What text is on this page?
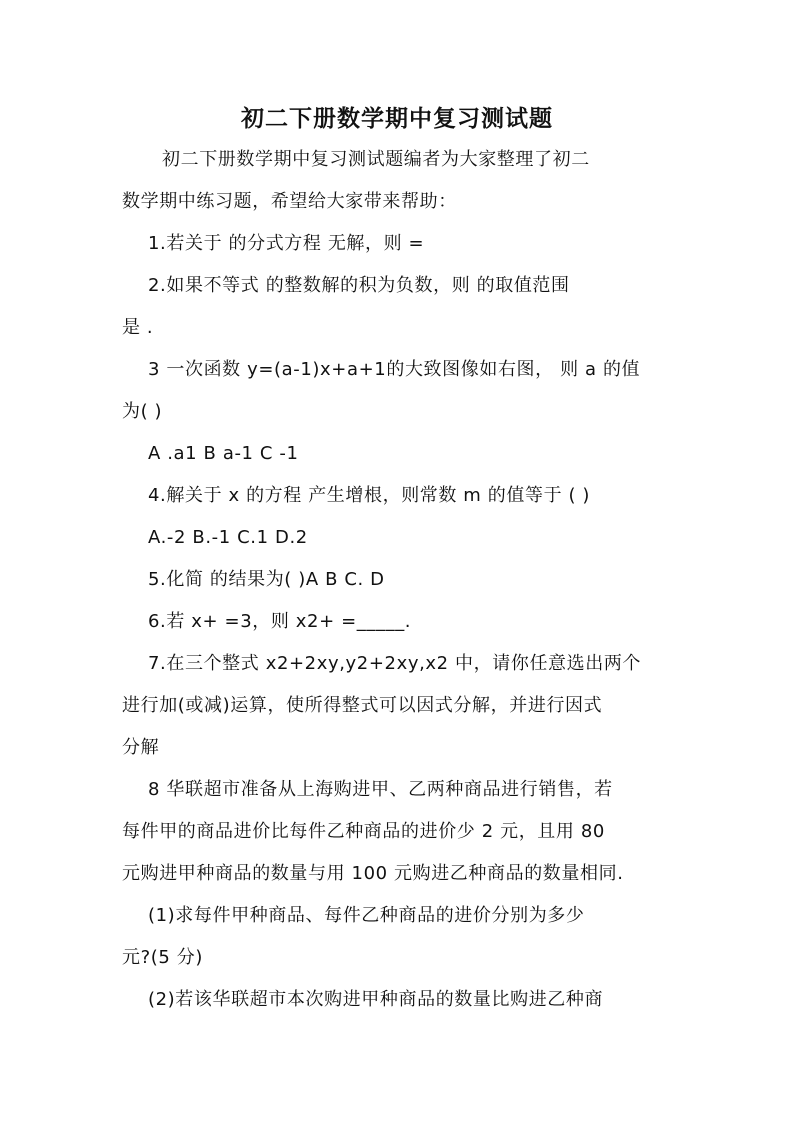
初二下册数学期中复习测试题
初二下册数学期中复习测试题编者为大家整理了初二
数学期中练习题，希望给大家带来帮助：
1.若关于 的分式方程 无解，则 =
2.如果不等式 的整数解的积为负数，则 的取值范围
是 .
3 一次函数 y=(a-1)x+a+1的大致图像如右图， 则 a 的值
为( )
A .a1 B a-1 C -1
4.解关于 x 的方程 产生增根，则常数 m 的值等于 ( )
A.-2 B.-1 C.1 D.2
5.化简 的结果为( )A B C. D
6.若 x+ =3，则 x2+ =_____.
7.在三个整式 x2+2xy,y2+2xy,x2 中，请你任意选出两个
进行加(或减)运算，使所得整式可以因式分解，并进行因式
分解
8 华联超市准备从上海购进甲、乙两种商品进行销售，若
每件甲的商品进价比每件乙种商品的进价少 2 元，且用 80
元购进甲种商品的数量与用 100 元购进乙种商品的数量相同.
(1)求每件甲种商品、每件乙种商品的进价分别为多少
元?(5 分)
(2)若该华联超市本次购进甲种商品的数量比购进乙种商
